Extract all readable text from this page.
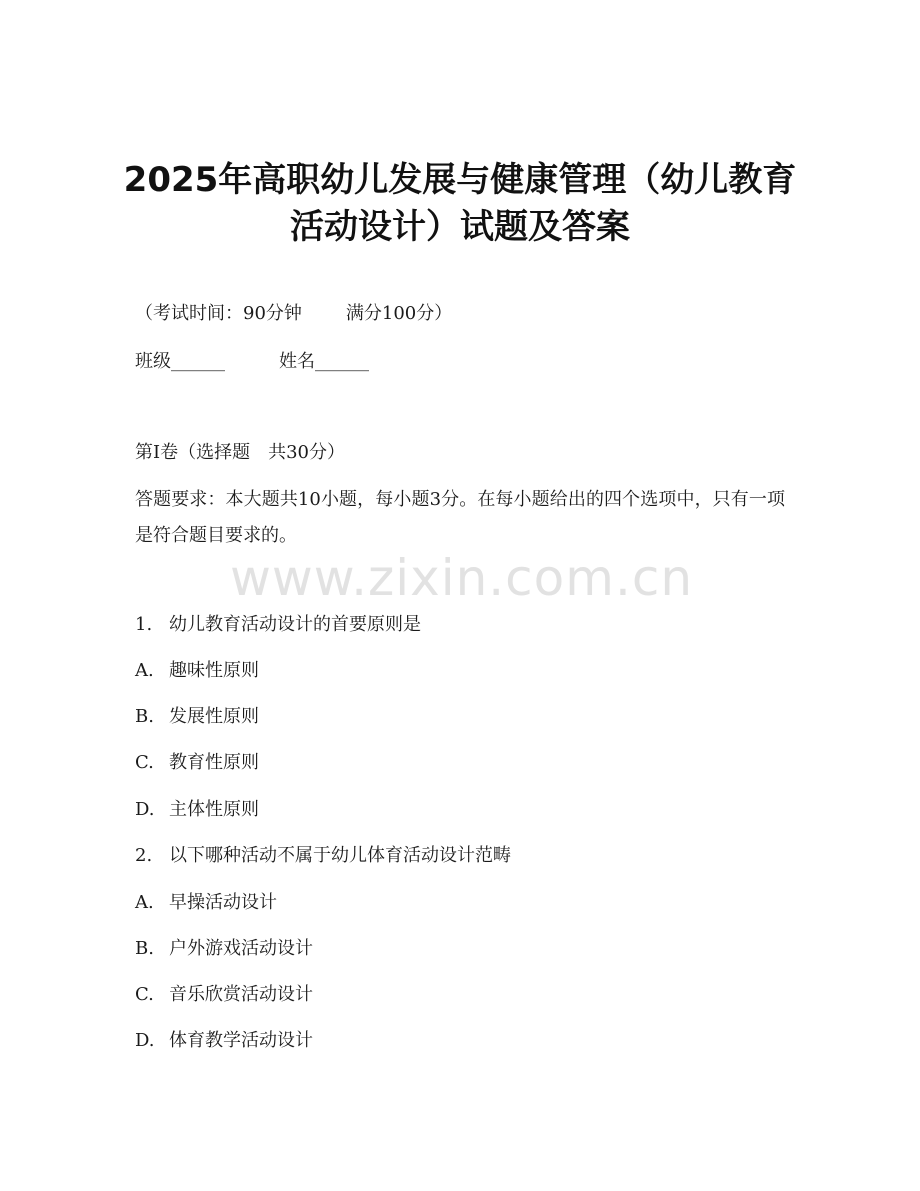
2025年高职幼儿发展与健康管理（幼儿教育
活动设计）试题及答案
（考试时间：90分钟 满分100分）
班级______	姓名______
第I卷（选择题　共30分）
答题要求：本大题共10小题，每小题3分。在每小题给出的四个选项中，只有一项是符合题目要求的。
www.zixin.com.cn
1. 幼儿教育活动设计的首要原则是
A. 趣味性原则
B. 发展性原则
C. 教育性原则
D. 主体性原则
2. 以下哪种活动不属于幼儿体育活动设计范畴
A. 早操活动设计
B. 户外游戏活动设计
C. 音乐欣赏活动设计
D. 体育教学活动设计
